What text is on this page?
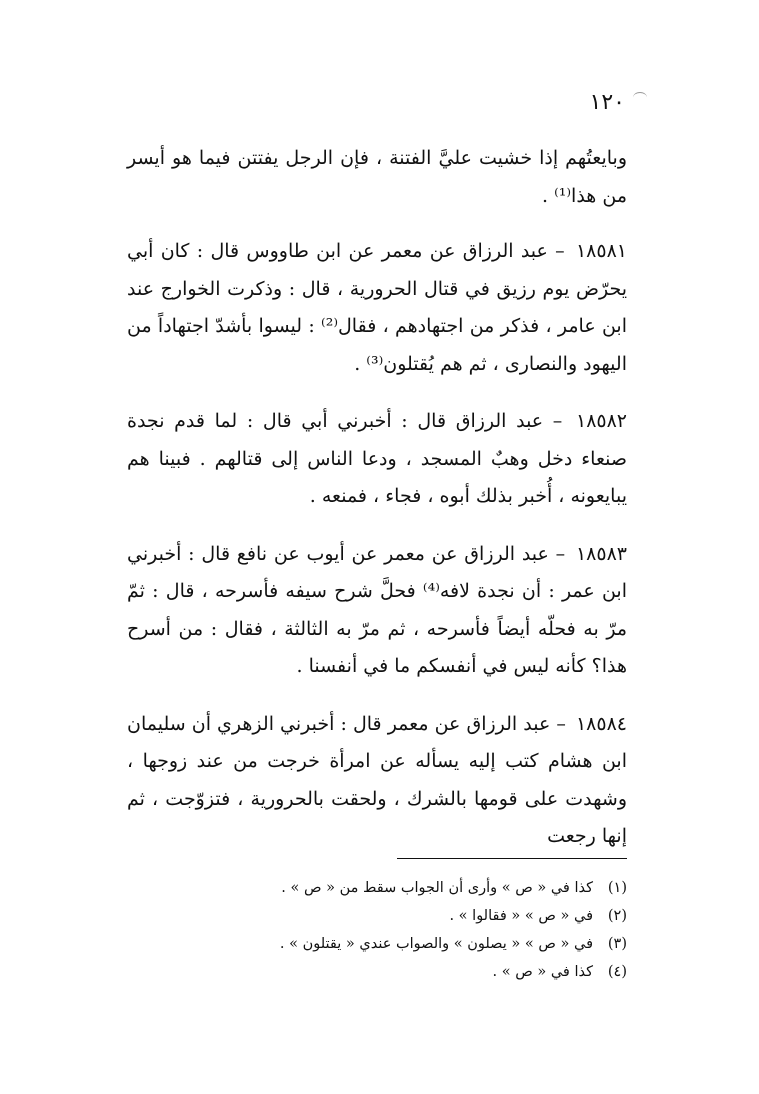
١٢٠

وبايعتُهم إذا خشيت عليَّ الفتنة ، فإن الرجل يفتتن فيما هو أيسر من هذا⁽¹⁾ .

١٨٥٨١ – عبد الرزاق عن معمر عن ابن طاووس قال : كان أبي يحرّض يوم رزيق في قتال الحرورية ، قال : وذكرت الخوارج عند ابن عامر ، فذكر من اجتهادهم ، فقال⁽²⁾ : ليسوا بأشدّ اجتهاداً من اليهود والنصارى ، ثم هم يُقتلون⁽³⁾ .

١٨٥٨٢ – عبد الرزاق قال : أخبرني أبي قال : لما قدم نجدة صنعاء دخل وهبٌ المسجد ، ودعا الناس إلى قتالهم . فبينا هم يبايعونه ، أُخبر بذلك أبوه ، فجاء ، فمنعه .

١٨٥٨٣ – عبد الرزاق عن معمر عن أيوب عن نافع قال : أخبرني ابن عمر : أن نجدة لافه⁽⁴⁾ فحلَّ شرح سيفه فأسرحه ، قال : ثمّ مرّ به فحلّه أيضاً فأسرحه ، ثم مرّ به الثالثة ، فقال : من أسرح هذا؟ كأنه ليس في أنفسكم ما في أنفسنا .

١٨٥٨٤ – عبد الرزاق عن معمر قال : أخبرني الزهري أن سليمان ابن هشام كتب إليه يسأله عن امرأة خرجت من عند زوجها ، وشهدت على قومها بالشرك ، ولحقت بالحرورية ، فتزوّجت ، ثم إنها رجعت

(١)كذا في « ص » وأرى أن الجواب سقط من « ص » .

(٢)في « ص » « فقالوا » .

(٣)في « ص » « يصلون » والصواب عندي « يقتلون » .

(٤)كذا في « ص » .
